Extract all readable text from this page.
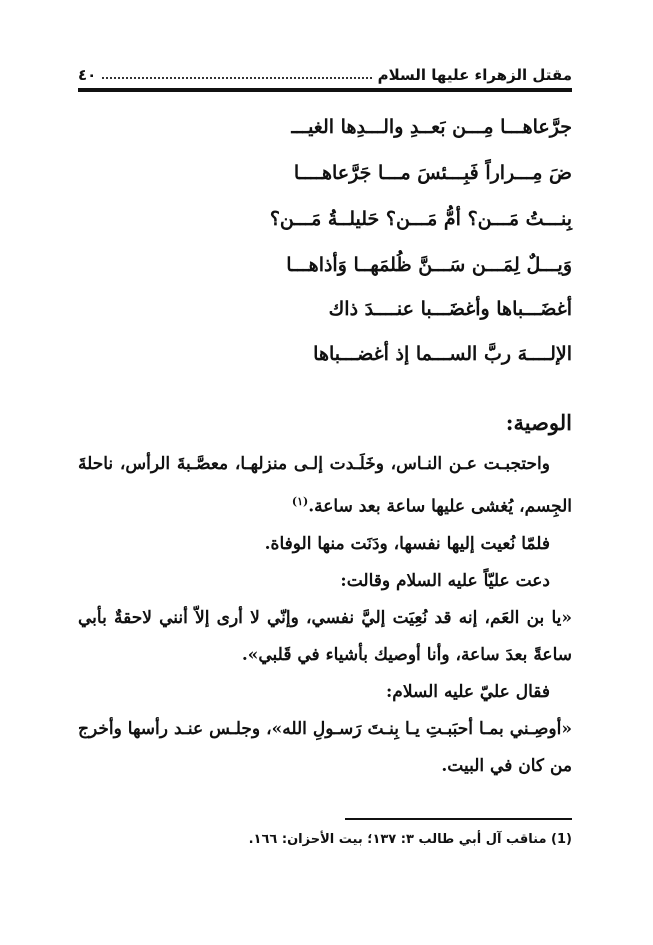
مقتل الزهراء عليها السلام
٤٠
جرَّعاهـــا مِـــن بَعــدِ والـــدِها الغيـــ
ضَ مِـــراراً فَبِـــئسَ مـــا جَرَّعاهــــا
بِنـــتُ مَـــن؟ أمُّ مَـــن؟ حَليلــةُ مَـــن؟
وَيـــلٌ لِمَـــن سَـــنَّ ظُلمَهــا وَأذاهـــا
أغضَـــباها وأغضَـــبا عنــــدَ ذاك
الإلــــهَ ربَّ الســـما إذ أغضـــباها
الوصية:

واحتجبـت عـن النـاس، وخَلَـدت إلـى منزلهـا، معصَّـبةَ الرأس، ناحلةَ الجِسم، يُغشى عليها ساعة بعد ساعة.$^{(١)}$

فلمّا نُعيت إليها نفسها، ودَنَت منها الوفاة.

دعت عليّاً عليه السلام وقالت:

«يا بن العَم، إنه قد نُعِيَت إليَّ نفسي، وإنّي لا أرى إلاّ أنني لاحقةٌ بأبي ساعةً بعدَ ساعة، وأنا أوصيك بأشياء في قَلبي».

فقال عليّ عليه السلام:

«أوصِـني بمـا أحبَبـتِ يـا بِنـتَ رَسـولِ الله»، وجلـس عنـد رأسها وأخرج من كان في البيت.

(1) مناقب آل أبي طالب ٣: ١٣٧؛ بيت الأحزان: ١٦٦.
